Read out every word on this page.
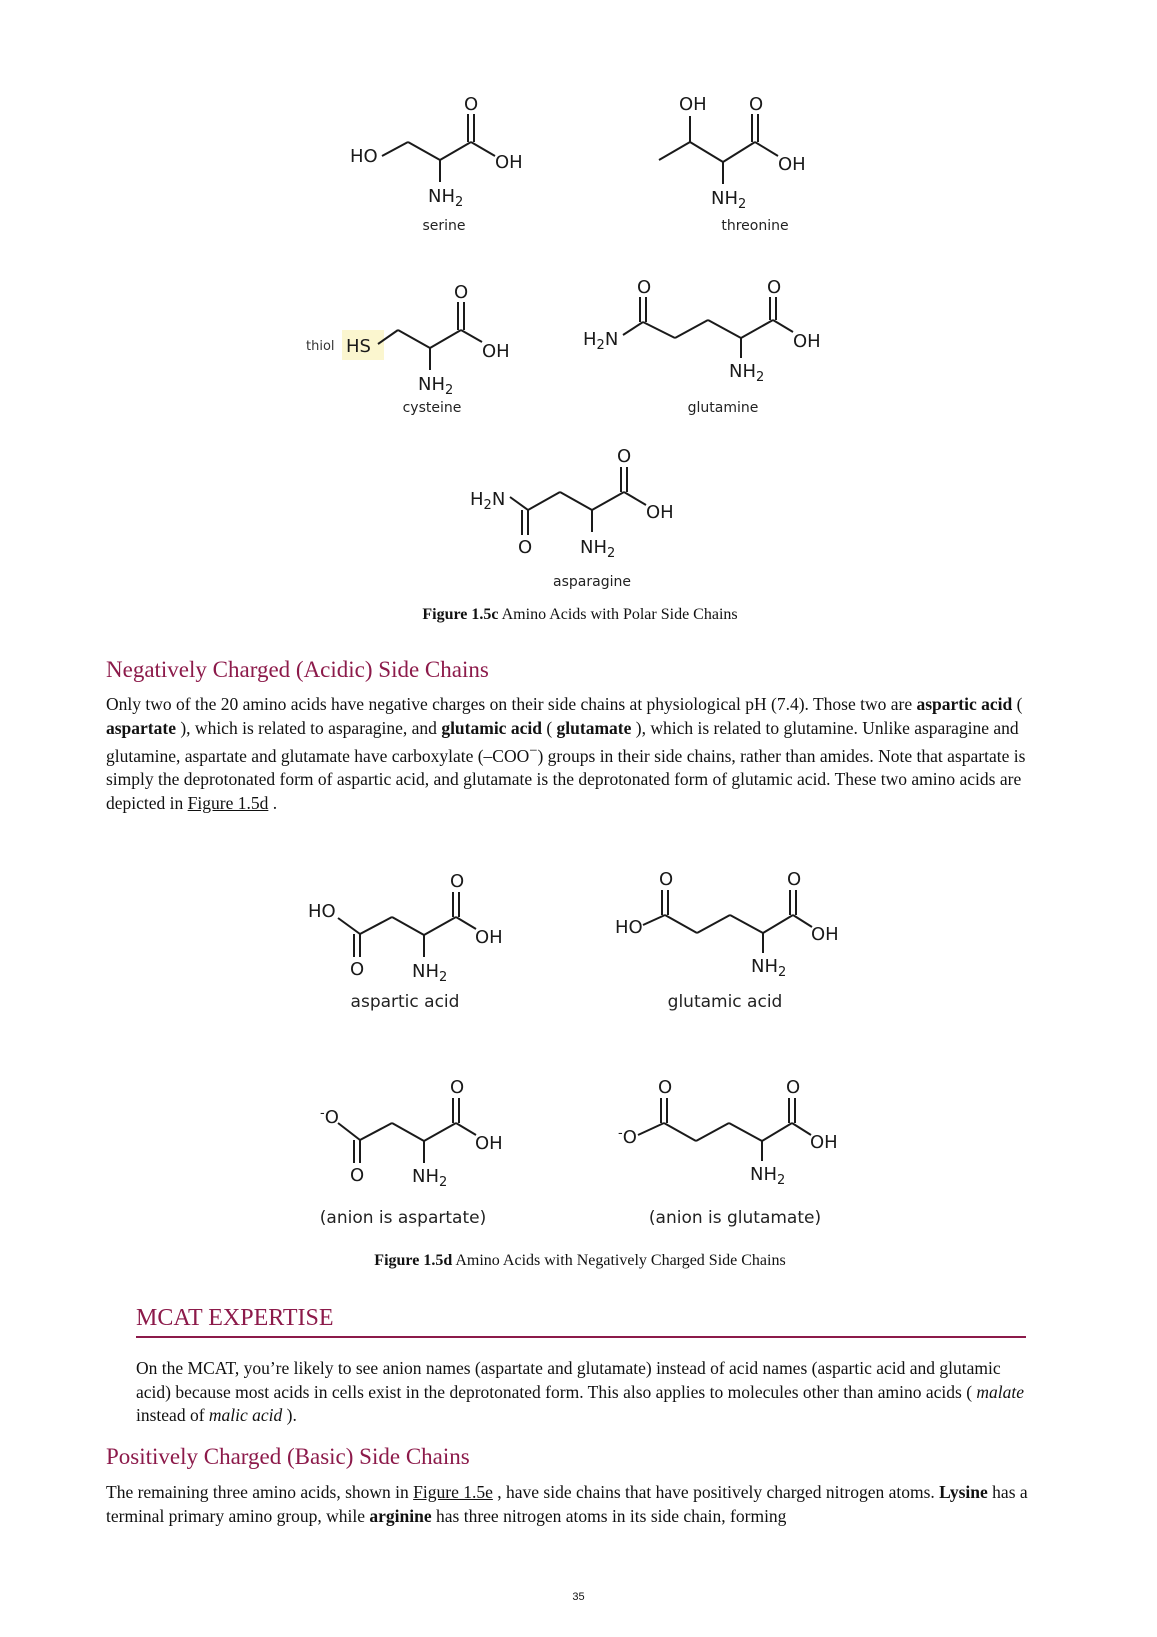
HO
O
OH
$NH_2$
serine
OH O
OH
$NH_2$
threonine
thiol HS
O
OH
$NH_2$
cysteine
$H_2N$
O	O
OH
$NH_2$
glutamine
$H_2N$
O
O
OH
$NH_2$
asparagine
Figure 1.5c Amino Acids with Polar Side Chains
Negatively Charged (Acidic) Side Chains

Only two of the 20 amino acids have negative charges on their side chains at physiological pH (7.4). Those two are aspartic acid ( aspartate ), which is related to asparagine, and glutamic acid ( glutamate ), which is related to glutamine. Unlike asparagine and glutamine, aspartate and glutamate have carboxylate (–COO−) groups in their side chains, rather than amides. Note that aspartate is simply the deprotonated form of aspartic acid, and glutamate is the deprotonated form of glutamic acid. These two amino acids are depicted in Figure 1.5d .

HO
O
O
OH
$NH_2$
aspartic acid
HO
O	O
OH
$NH_2$
glutamic acid
-O
O
O
OH
$NH_2$
(anion is aspartate)
-O
O	O
OH
$NH_2$
(anion is glutamate)
Figure 1.5d Amino Acids with Negatively Charged Side Chains
MCAT EXPERTISE

On the MCAT, you’re likely to see anion names (aspartate and glutamate) instead of acid names (aspartic acid and glutamic acid) because most acids in cells exist in the deprotonated form. This also applies to molecules other than amino acids ( malate instead of malic acid ).

Positively Charged (Basic) Side Chains

The remaining three amino acids, shown in Figure 1.5e , have side chains that have positively charged nitrogen atoms. Lysine has a terminal primary amino group, while arginine has three nitrogen atoms in its side chain, forming

35
